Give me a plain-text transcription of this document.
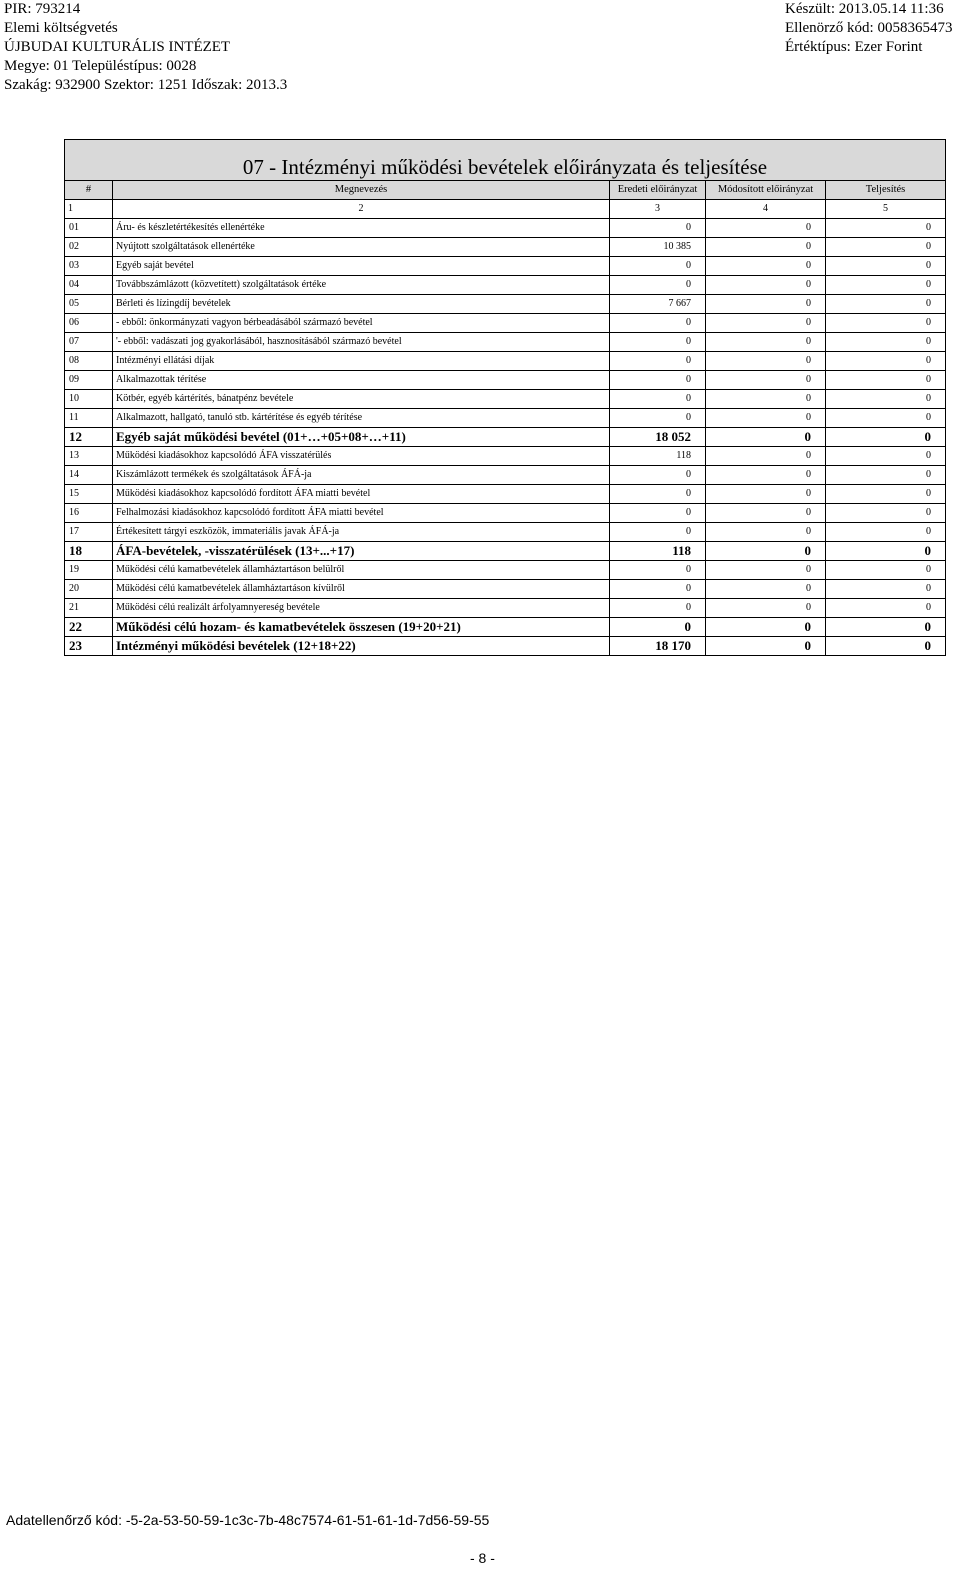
PIR: 793214
Elemi költségvetés
ÚJBUDAI KULTURÁLIS INTÉZET
Megye: 01 Településtípus: 0028
Szakág: 932900 Szektor: 1251 Időszak: 2013.3
Készült: 2013.05.14 11:36
Ellenörző kód: 0058365473
Értéktípus: Ezer Forint
07 - Intézményi működési bevételek előirányzata és teljesítése				
#	Megnevezés	Eredeti előirányzat	Módosított előirányzat	Teljesítés
1	2	3	4	5
01	Áru- és készletértékesítés ellenértéke	0	0	0
02	Nyújtott szolgáltatások ellenértéke	10 385	0	0
03	Egyéb saját bevétel	0	0	0
04	Továbbszámlázott (közvetített) szolgáltatások értéke	0	0	0
05	Bérleti és lízingdíj bevételek	7 667	0	0
06	- ebből: önkormányzati vagyon bérbeadásából származó bevétel	0	0	0
07	'- ebből: vadászati jog gyakorlásából, hasznosításából származó bevétel	0	0	0
08	Intézményi ellátási díjak	0	0	0
09	Alkalmazottak térítése	0	0	0
10	Kötbér, egyéb kártérítés, bánatpénz bevétele	0	0	0
11	Alkalmazott, hallgató, tanuló stb. kártérítése és egyéb térítése	0	0	0
12	Egyéb saját működési bevétel (01+…+05+08+…+11)	18 052	0	0
13	Működési kiadásokhoz kapcsolódó ÁFA visszatérülés	118	0	0
14	Kiszámlázott termékek és szolgáltatások ÁFÁ-ja	0	0	0
15	Működési kiadásokhoz kapcsolódó fordított ÁFA miatti bevétel	0	0	0
16	Felhalmozási kiadásokhoz kapcsolódó fordított ÁFA miatti bevétel	0	0	0
17	Értékesített tárgyi eszközök, immateriális javak ÁFÁ-ja	0	0	0
18	ÁFA-bevételek, -visszatérülések (13+...+17)	118	0	0
19	Működési célú kamatbevételek államháztartáson belülről	0	0	0
20	Működési célú kamatbevételek államháztartáson kívülről	0	0	0
21	Működési célú realizált árfolyamnyereség bevétele	0	0	0
22	Működési célú hozam- és kamatbevételek összesen (19+20+21)	0	0	0
23	Intézményi működési bevételek (12+18+22)	18 170	0	0
Adatellenőrző kód: -5-2a-53-50-59-1c3c-7b-48c7574-61-51-61-1d-7d56-59-55
- 8 -
